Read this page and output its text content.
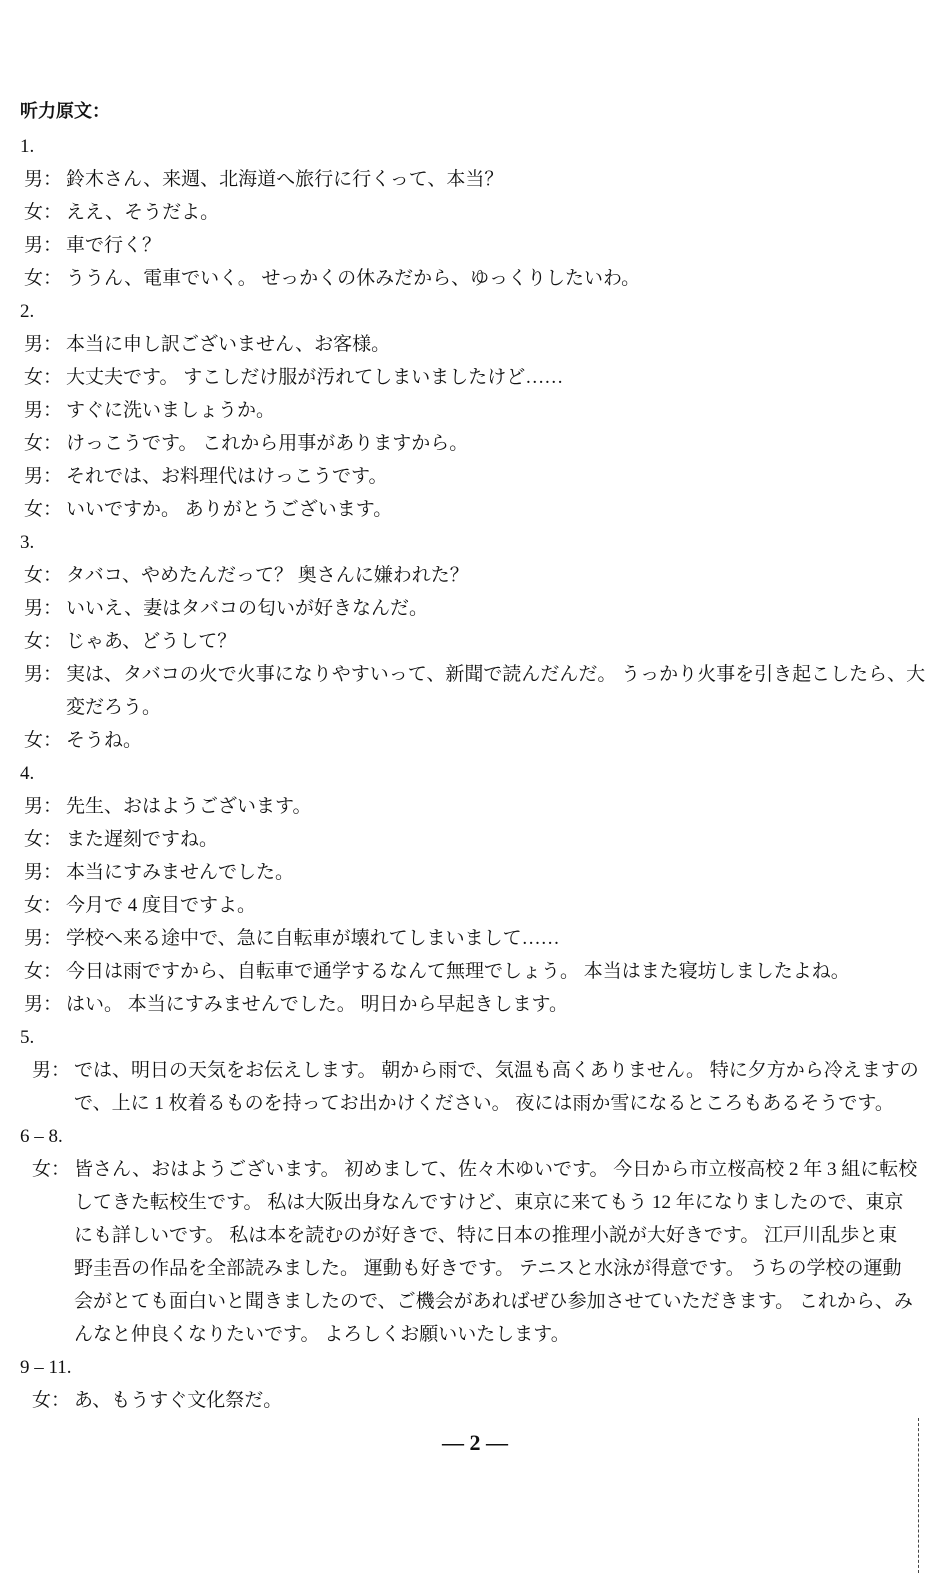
听力原文：
1.
男： 鈴木さん、来週、北海道へ旅行に行くって、本当？
女： ええ、そうだよ。
男： 車で行く？
女： ううん、電車でいく。 せっかくの休みだから、ゆっくりしたいわ。
2.
男： 本当に申し訳ございません、お客様。
女： 大丈夫です。 すこしだけ服が汚れてしまいましたけど……
男： すぐに洗いましょうか。
女： けっこうです。 これから用事がありますから。
男： それでは、お料理代はけっこうです。
女： いいですか。 ありがとうございます。
3.
女： タバコ、やめたんだって？ 奥さんに嫌われた？
男： いいえ、妻はタバコの匂いが好きなんだ。
女： じゃあ、どうして？
男： 実は、タバコの火で火事になりやすいって、新聞で読んだんだ。 うっかり火事を引き起こしたら、大
変だろう。
女： そうね。
4.
男： 先生、おはようございます。
女： また遅刻ですね。
男： 本当にすみませんでした。
女： 今月で 4 度目ですよ。
男： 学校へ来る途中で、急に自転車が壊れてしまいまして……
女： 今日は雨ですから、自転車で通学するなんて無理でしょう。 本当はまた寝坊しましたよね。
男： はい。 本当にすみませんでした。 明日から早起きします。
5.
男： では、明日の天気をお伝えします。 朝から雨で、気温も高くありません。 特に夕方から冷えますの
で、上に 1 枚着るものを持ってお出かけください。 夜には雨か雪になるところもあるそうです。
6 – 8.
女： 皆さん、おはようございます。 初めまして、佐々木ゆいです。 今日から市立桜高校 2 年 3 組に転校
してきた転校生です。 私は大阪出身なんですけど、東京に来てもう 12 年になりましたので、東京
にも詳しいです。 私は本を読むのが好きで、特に日本の推理小説が大好きです。 江戸川乱歩と東
野圭吾の作品を全部読みました。 運動も好きです。 テニスと水泳が得意です。 うちの学校の運動
会がとても面白いと聞きましたので、ご機会があればぜひ参加させていただきます。 これから、み
んなと仲良くなりたいです。 よろしくお願いいたします。
9 – 11.
女： あ、もうすぐ文化祭だ。
— 2 —
